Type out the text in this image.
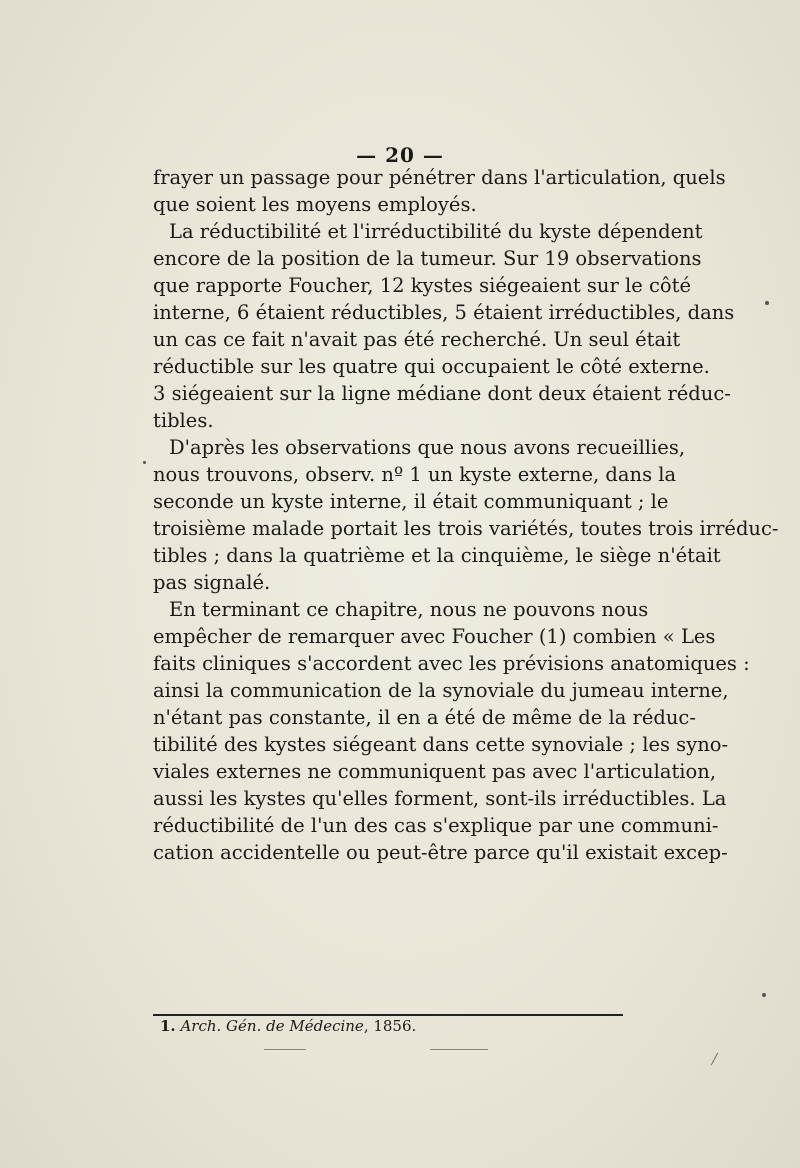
— 20 —
frayer un passage pour pénétrer dans l'articulation, quels
que soient les moyens employés.
La réductibilité et l'irréductibilité du kyste dépendent
encore de la position de la tumeur. Sur 19 observations
que rapporte Foucher, 12 kystes siégeaient sur le côté
interne, 6 étaient réductibles, 5 étaient irréductibles, dans
un cas ce fait n'avait pas été recherché. Un seul était
réductible sur les quatre qui occupaient le côté externe.
3 siégeaient sur la ligne médiane dont deux étaient réduc-
tibles.
D'après les observations que nous avons recueillies,
nous trouvons, observ. nº 1 un kyste externe, dans la
seconde un kyste interne, il était communiquant ; le
troisième malade portait les trois variétés, toutes trois irréduc-
tibles ; dans la quatrième et la cinquième, le siège n'était
pas signalé.
En terminant ce chapitre, nous ne pouvons nous
empêcher de remarquer avec Foucher (1) combien « Les
faits cliniques s'accordent avec les prévisions anatomiques :
ainsi la communication de la synoviale du jumeau interne,
n'étant pas constante, il en a été de même de la réduc-
tibilité des kystes siégeant dans cette synoviale ; les syno-
viales externes ne communiquent pas avec l'articulation,
aussi les kystes qu'elles forment, sont-ils irréductibles. La
réductibilité de l'un des cas s'explique par une communi-
cation accidentelle ou peut-être parce qu'il existait excep-
1. Arch. Gén. de Médecine, 1856.
